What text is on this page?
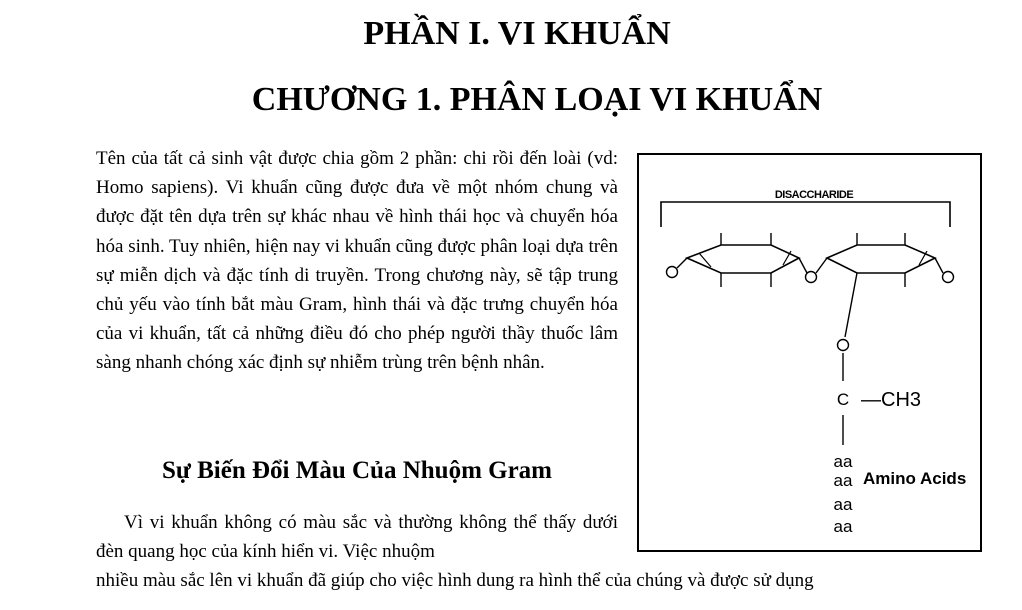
PHẦN I. VI KHUẨN
CHƯƠNG 1. PHÂN LOẠI VI KHUẨN

Tên của tất cả sinh vật được chia gồm 2 phần: chi rồi đến loài (vd: Homo sapiens). Vi khuẩn cũng được đưa về một nhóm chung và được đặt tên dựa trên sự khác nhau về hình thái học và chuyển hóa hóa sinh. Tuy nhiên, hiện nay vi khuẩn cũng được phân loại dựa trên sự miễn dịch và đặc tính di truyền. Trong chương này, sẽ tập trung chủ yếu vào tính bắt màu Gram, hình thái và đặc trưng chuyển hóa của vi khuẩn, tất cả những điều đó cho phép người thầy thuốc lâm sàng nhanh chóng xác định sự nhiễm trùng trên bệnh nhân.

Sự Biến Đổi Màu Của Nhuộm Gram

Vì vi khuẩn không có màu sắc và thường không thể thấy dưới đèn quang học của kính hiển vi. Việc nhuộm

nhiều màu sắc lên vi khuẩn đã giúp cho việc hình dung ra hình thể của chúng và được sử dụng

DISACCHARIDE
C —CH3
aa
aa
aa
aa
Amino Acids
